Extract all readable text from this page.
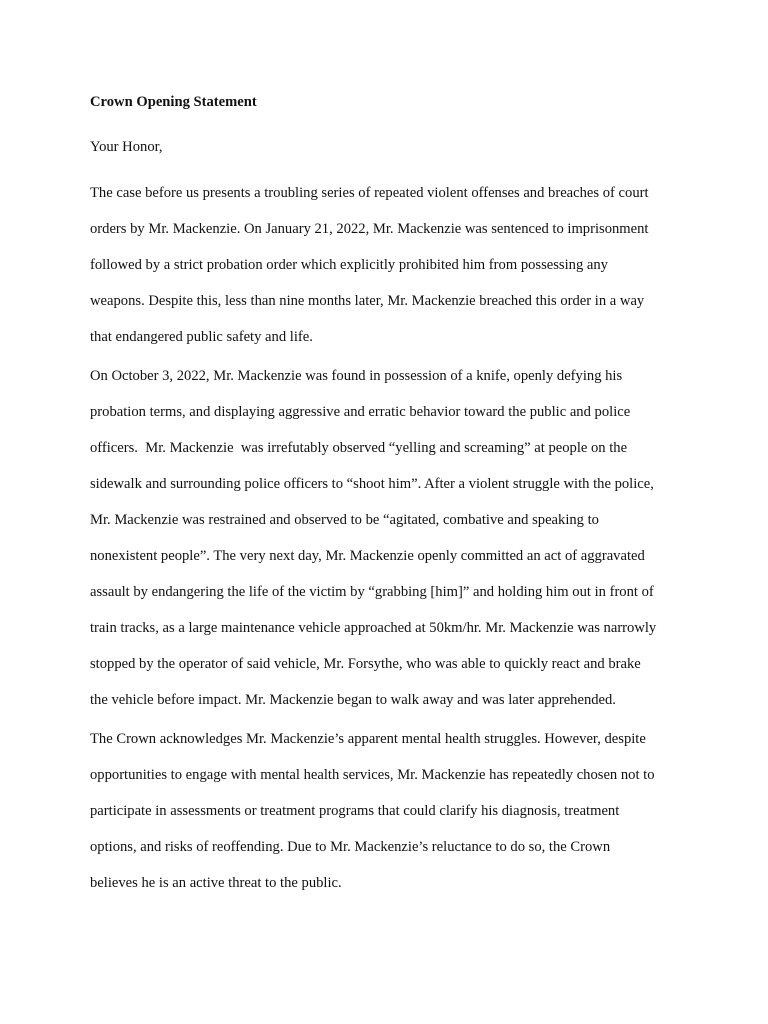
Crown Opening Statement

Your Honor,

The case before us presents a troubling series of repeated violent offenses and breaches of court
orders by Mr. Mackenzie. On January 21, 2022, Mr. Mackenzie was sentenced to imprisonment
followed by a strict probation order which explicitly prohibited him from possessing any
weapons. Despite this, less than nine months later, Mr. Mackenzie breached this order in a way
that endangered public safety and life.

On October 3, 2022, Mr. Mackenzie was found in possession of a knife, openly defying his
probation terms, and displaying aggressive and erratic behavior toward the public and police
officers.  Mr. Mackenzie  was irrefutably observed “yelling and screaming” at people on the
sidewalk and surrounding police officers to “shoot him”. After a violent struggle with the police,
Mr. Mackenzie was restrained and observed to be “agitated, combative and speaking to
nonexistent people”. The very next day, Mr. Mackenzie openly committed an act of aggravated
assault by endangering the life of the victim by “grabbing [him]” and holding him out in front of
train tracks, as a large maintenance vehicle approached at 50km/hr. Mr. Mackenzie was narrowly
stopped by the operator of said vehicle, Mr. Forsythe, who was able to quickly react and brake
the vehicle before impact. Mr. Mackenzie began to walk away and was later apprehended.

The Crown acknowledges Mr. Mackenzie’s apparent mental health struggles. However, despite
opportunities to engage with mental health services, Mr. Mackenzie has repeatedly chosen not to
participate in assessments or treatment programs that could clarify his diagnosis, treatment
options, and risks of reoffending. Due to Mr. Mackenzie’s reluctance to do so, the Crown
believes he is an active threat to the public.
